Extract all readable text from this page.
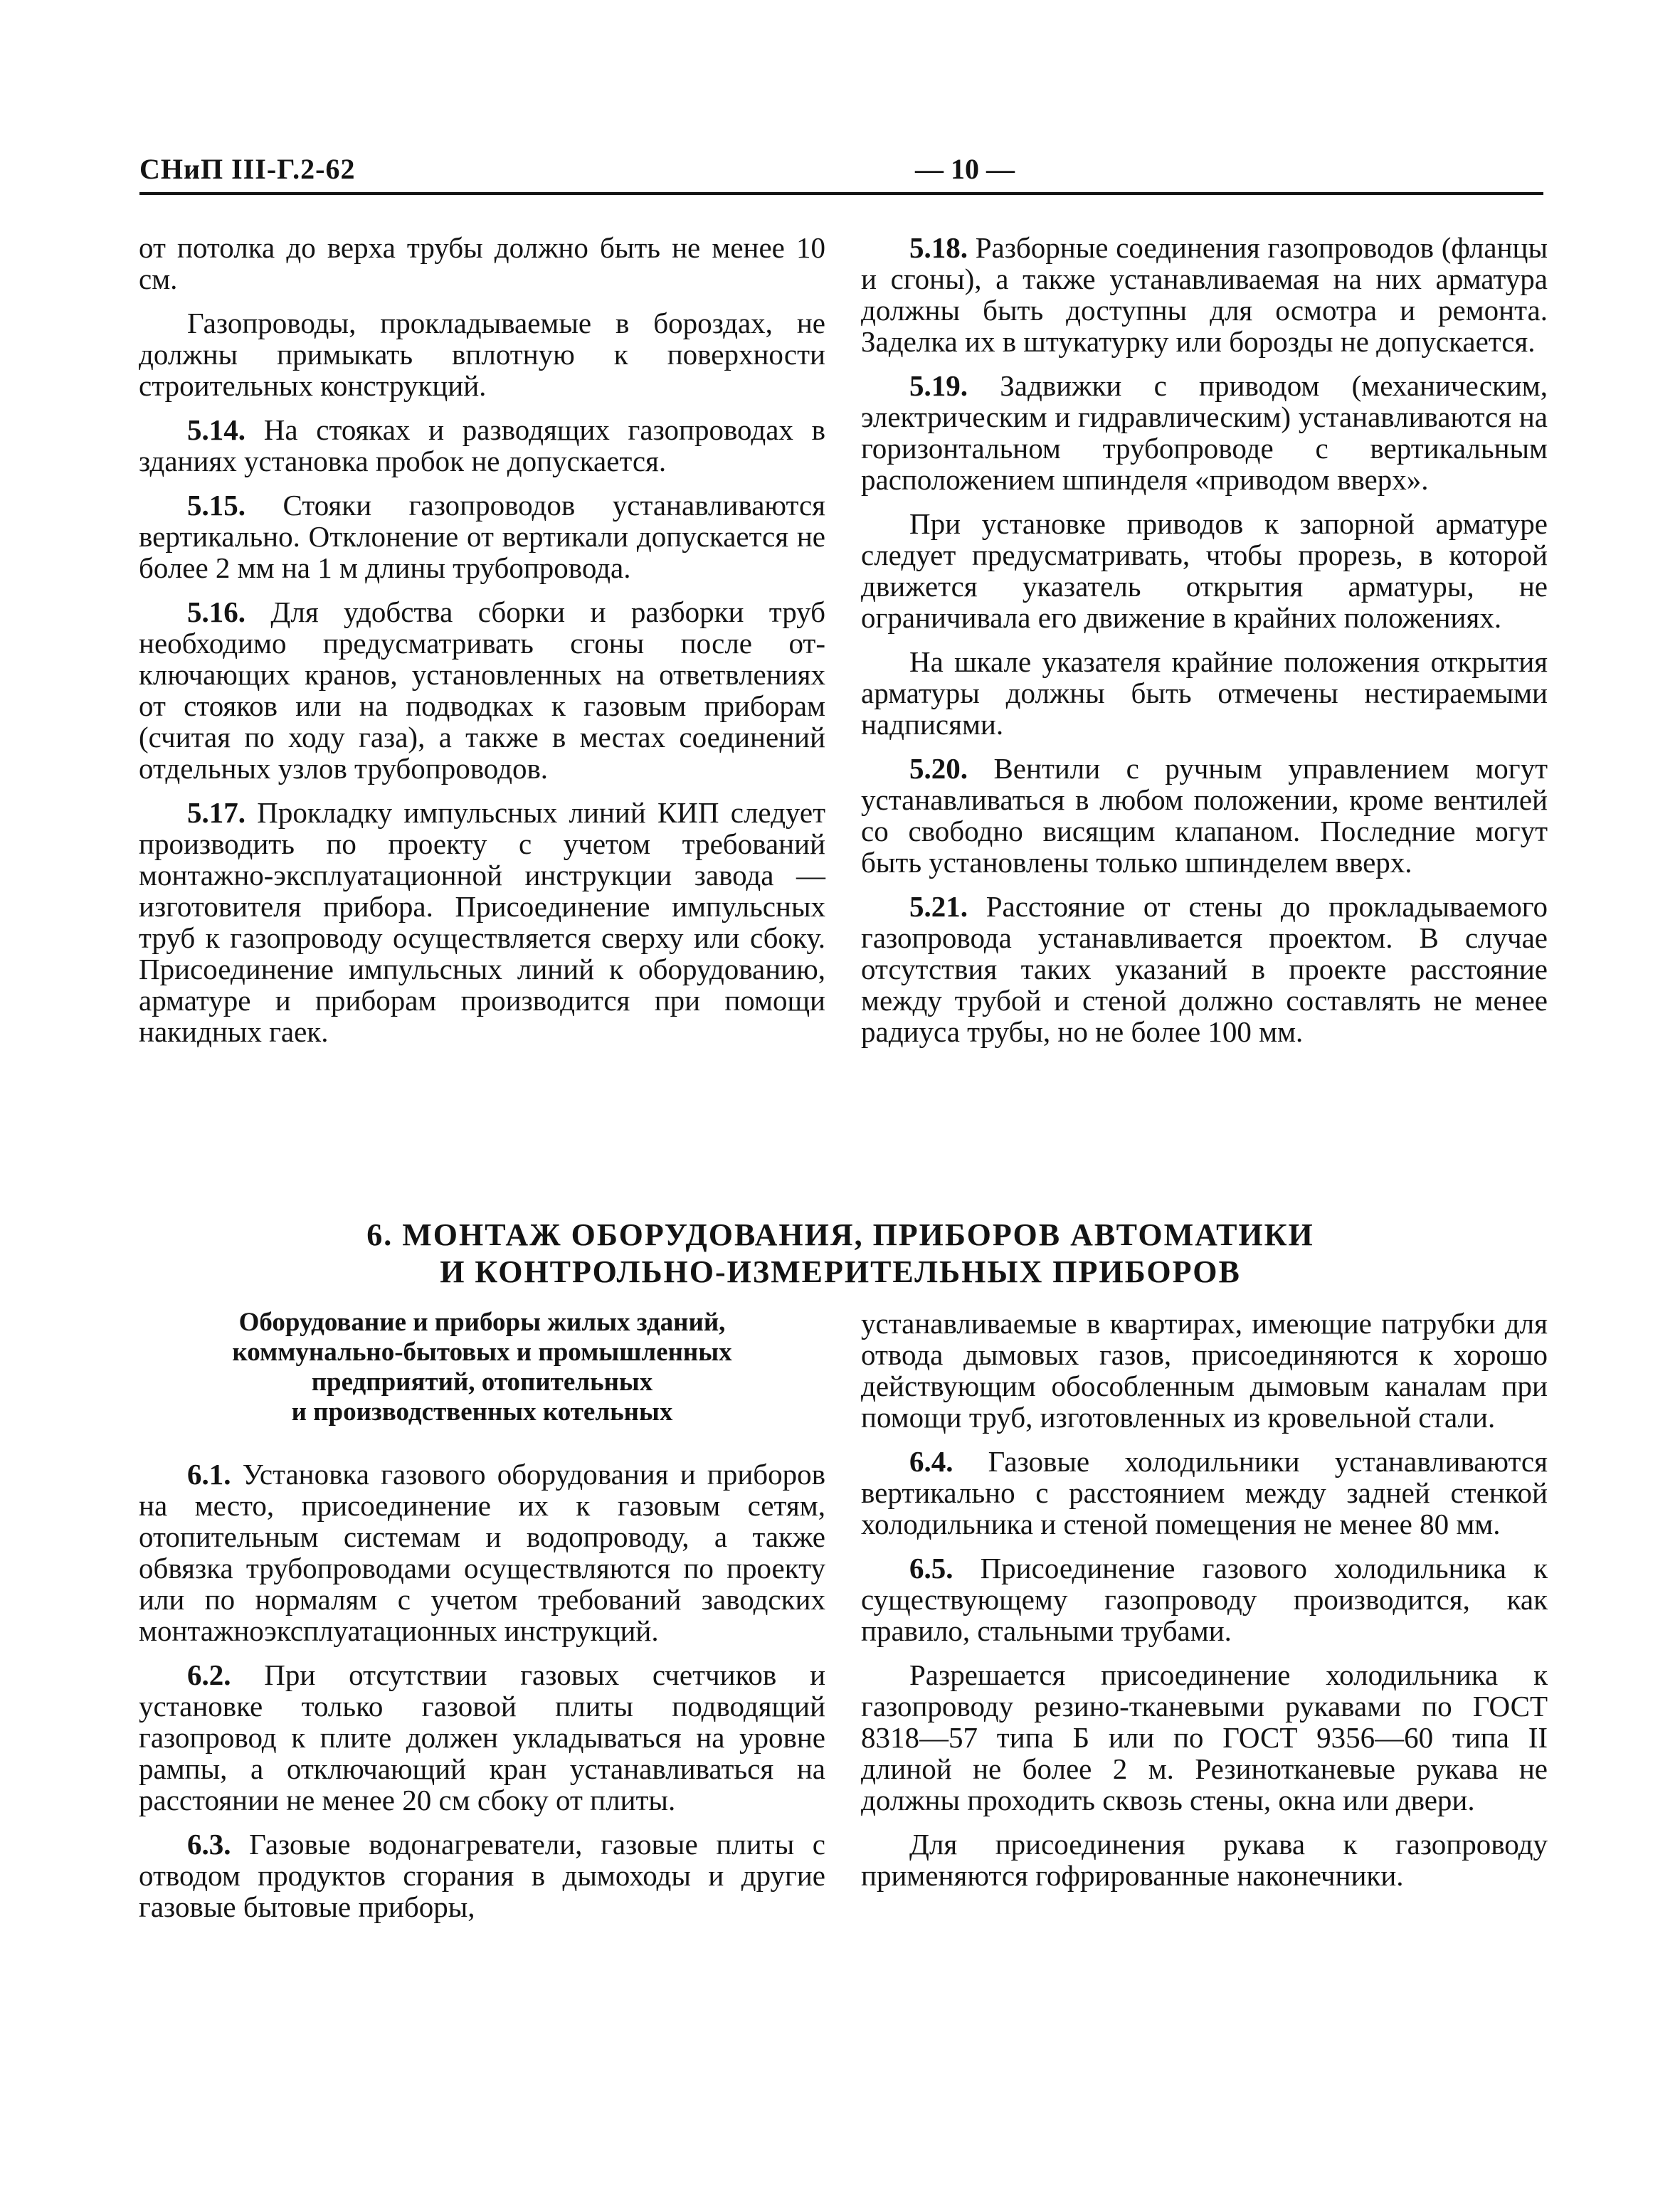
СНиП III-Г.2-62	— 10 —

от потолка до верха трубы должно быть не менее 10 см.

Газопроводы, прокладываемые в бороздах, не должны примыкать вплотную к поверхности строительных конструкций.

5.14. На стояках и разводящих газопроводах в зданиях установка пробок не допускается.

5.15. Стояки газопроводов устанавливаются вертикально. Отклонение от вертикали допускается не более 2 мм на 1 м длины трубопровода.

5.16. Для удобства сборки и разборки труб необходимо предусматривать сгоны после отключающих кранов, установленных на ответвлениях от стояков или на подводках к газовым приборам (считая по ходу газа), а также в местах соединений отдельных узлов трубопроводов.

5.17. Прокладку импульсных линий КИП следует производить по проекту с учетом требований монтажно-эксплуатационной инструкции завода — изготовителя прибора. Присоединение импульсных труб к газопроводу осуществляется сверху или сбоку. Присоединение импульсных линий к оборудованию, арматуре и приборам производится при помощи накидных гаек.

5.18. Разборные соединения газопроводов (фланцы и сгоны), а также устанавливаемая на них арматура должны быть доступны для осмотра и ремонта. Заделка их в штукатурку или борозды не допускается.

5.19. Задвижки с приводом (механическим, электрическим и гидравлическим) устанавливаются на горизонтальном трубопроводе с вертикальным расположением шпинделя «приводом вверх».

При установке приводов к запорной арматуре следует предусматривать, чтобы прорезь, в которой движется указатель открытия арматуры, не ограничивала его движение в крайних положениях.

На шкале указателя крайние положения открытия арматуры должны быть отмечены нестираемыми надписями.

5.20. Вентили с ручным управлением могут устанавливаться в любом положении, кроме вентилей со свободно висящим клапаном. Последние могут быть установлены только шпинделем вверх.

5.21. Расстояние от стены до прокладываемого газопровода устанавливается проектом. В случае отсутствия таких указаний в проекте расстояние между трубой и стеной должно составлять не менее радиуса трубы, но не более 100 мм.

6. МОНТАЖ ОБОРУДОВАНИЯ, ПРИБОРОВ АВТОМАТИКИ
И КОНТРОЛЬНО-ИЗМЕРИТЕЛЬНЫХ ПРИБОРОВ
Оборудование и приборы жилых зданий,
коммунально-бытовых и промышленных
предприятий, отопительных
и производственных котельных

6.1. Установка газового оборудования и приборов на место, присоединение их к газовым сетям, отопительным системам и водопроводу, а также обвязка трубопроводами осуществляются по проекту или по нормалям с учетом требований заводских монтажноэксплуатационных инструкций.

6.2. При отсутствии газовых счетчиков и установке только газовой плиты подводящий газопровод к плите должен укладываться на уровне рампы, а отключающий кран устанавливаться на расстоянии не менее 20 см сбоку от плиты.

6.3. Газовые водонагреватели, газовые плиты с отводом продуктов сгорания в дымоходы и другие газовые бытовые приборы,

устанавливаемые в квартирах, имеющие патрубки для отвода дымовых газов, присоединяются к хорошо действующим обособленным дымовым каналам при помощи труб, изготовленных из кровельной стали.

6.4. Газовые холодильники устанавливаются вертикально с расстоянием между задней стенкой холодильника и стеной помещения не менее 80 мм.

6.5. Присоединение газового холодильника к существующему газопроводу производится, как правило, стальными трубами.

Разрешается присоединение холодильника к газопроводу резино-тканевыми рукавами по ГОСТ 8318—57 типа Б или по ГОСТ 9356—60 типа II длиной не более 2 м. Резинотканевые рукава не должны проходить сквозь стены, окна или двери.

Для присоединения рукава к газопроводу применяются гофрированные наконечники.
